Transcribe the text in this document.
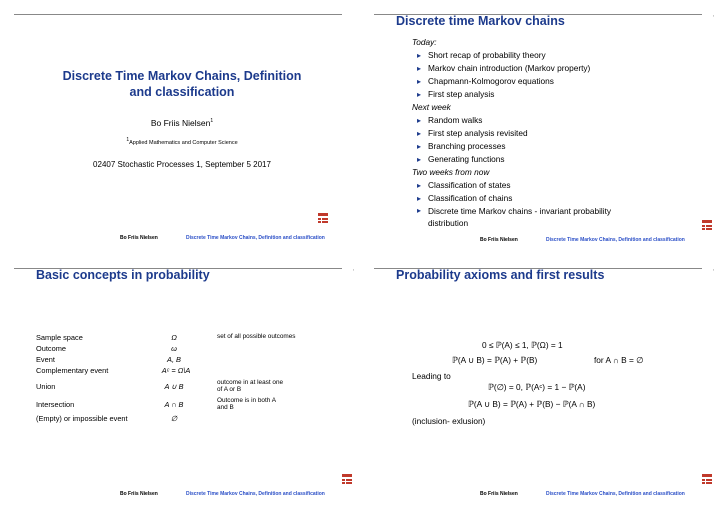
Discrete Time Markov Chains, Definition
and classification
Bo Friis Nielsen$^1$
$^1$Applied Mathematics and Computer Science
02407 Stochastic Processes 1, September 5 2017
,
Discrete time Markov chains
Today:
▸ Short recap of probability theory
▸ Markov chain introduction (Markov property)
▸ Chapmann-Kolmogorov equations
▸ First step analysis
Next week
▸ Random walks
▸ First step analysis revisited
▸ Branching processes
▸ Generating functions
Two weeks from now
▸ Classification of states
▸ Classification of chains
▸ Discrete time Markov chains - invariant probability distribution
Bo Friis Nielsen	Discrete Time Markov Chains, Definition and classification
,
Basic concepts in probability
Sample space	Ω	set of all possible outcomes
Outcome	ω
Event	A, B
Complementary event	Aᶜ = Ω\A
Union	A ∪ B	outcome in at least one of A or B
Intersection	A ∩ B	Outcome is in both A and B
(Empty) or impossible event	∅
Bo Friis Nielsen	Discrete Time Markov Chains, Definition and classification
,
Probability axioms and first results
0 ≤ ℙ(A) ≤ 1, ℙ(Ω) = 1
ℙ(A ∪ B) = ℙ(A) + ℙ(B)	for A ∩ B = ∅
Leading to
ℙ(∅) = 0, ℙ(Aᶜ) = 1 − ℙ(A)
ℙ(A ∪ B) = ℙ(A) + ℙ(B) − ℙ(A ∩ B)
(inclusion- exlusion)
Bo Friis Nielsen	Discrete Time Markov Chains, Definition and classification
Bo Friis Nielsen	Discrete Time Markov Chains, Definition and classification
